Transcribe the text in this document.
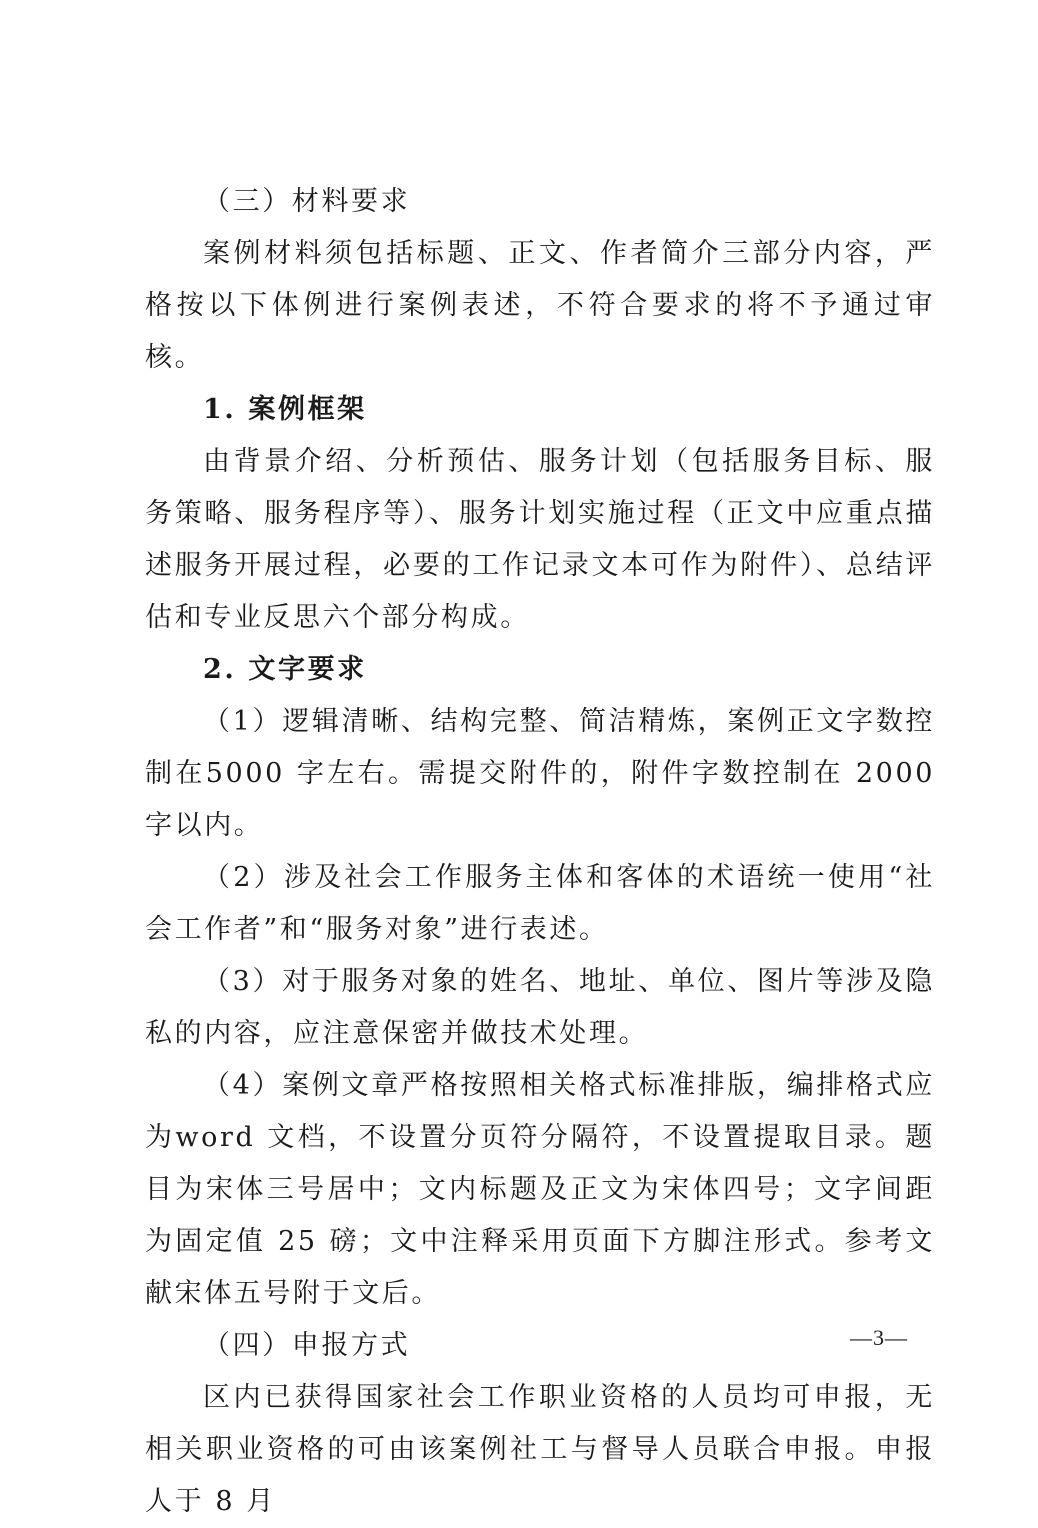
（三）材料要求

案例材料须包括标题、正文、作者简介三部分内容，严格按以下体例进行案例表述，不符合要求的将不予通过审核。

1. 案例框架

由背景介绍、分析预估、服务计划（包括服务目标、服务策略、服务程序等）、服务计划实施过程（正文中应重点描述服务开展过程，必要的工作记录文本可作为附件）、总结评估和专业反思六个部分构成。

2. 文字要求

（1）逻辑清晰、结构完整、简洁精炼，案例正文字数控制在5000 字左右。需提交附件的，附件字数控制在 2000 字以内。

（2）涉及社会工作服务主体和客体的术语统一使用“社会工作者”和“服务对象”进行表述。

（3）对于服务对象的姓名、地址、单位、图片等涉及隐私的内容，应注意保密并做技术处理。

（4）案例文章严格按照相关格式标准排版，编排格式应为word 文档，不设置分页符分隔符，不设置提取目录。题目为宋体三号居中；文内标题及正文为宋体四号；文字间距为固定值 25 磅；文中注释采用页面下方脚注形式。参考文献宋体五号附于文后。

（四）申报方式

区内已获得国家社会工作职业资格的人员均可申报，无相关职业资格的可由该案例社工与督导人员联合申报。申报人于 8 月

—3—
